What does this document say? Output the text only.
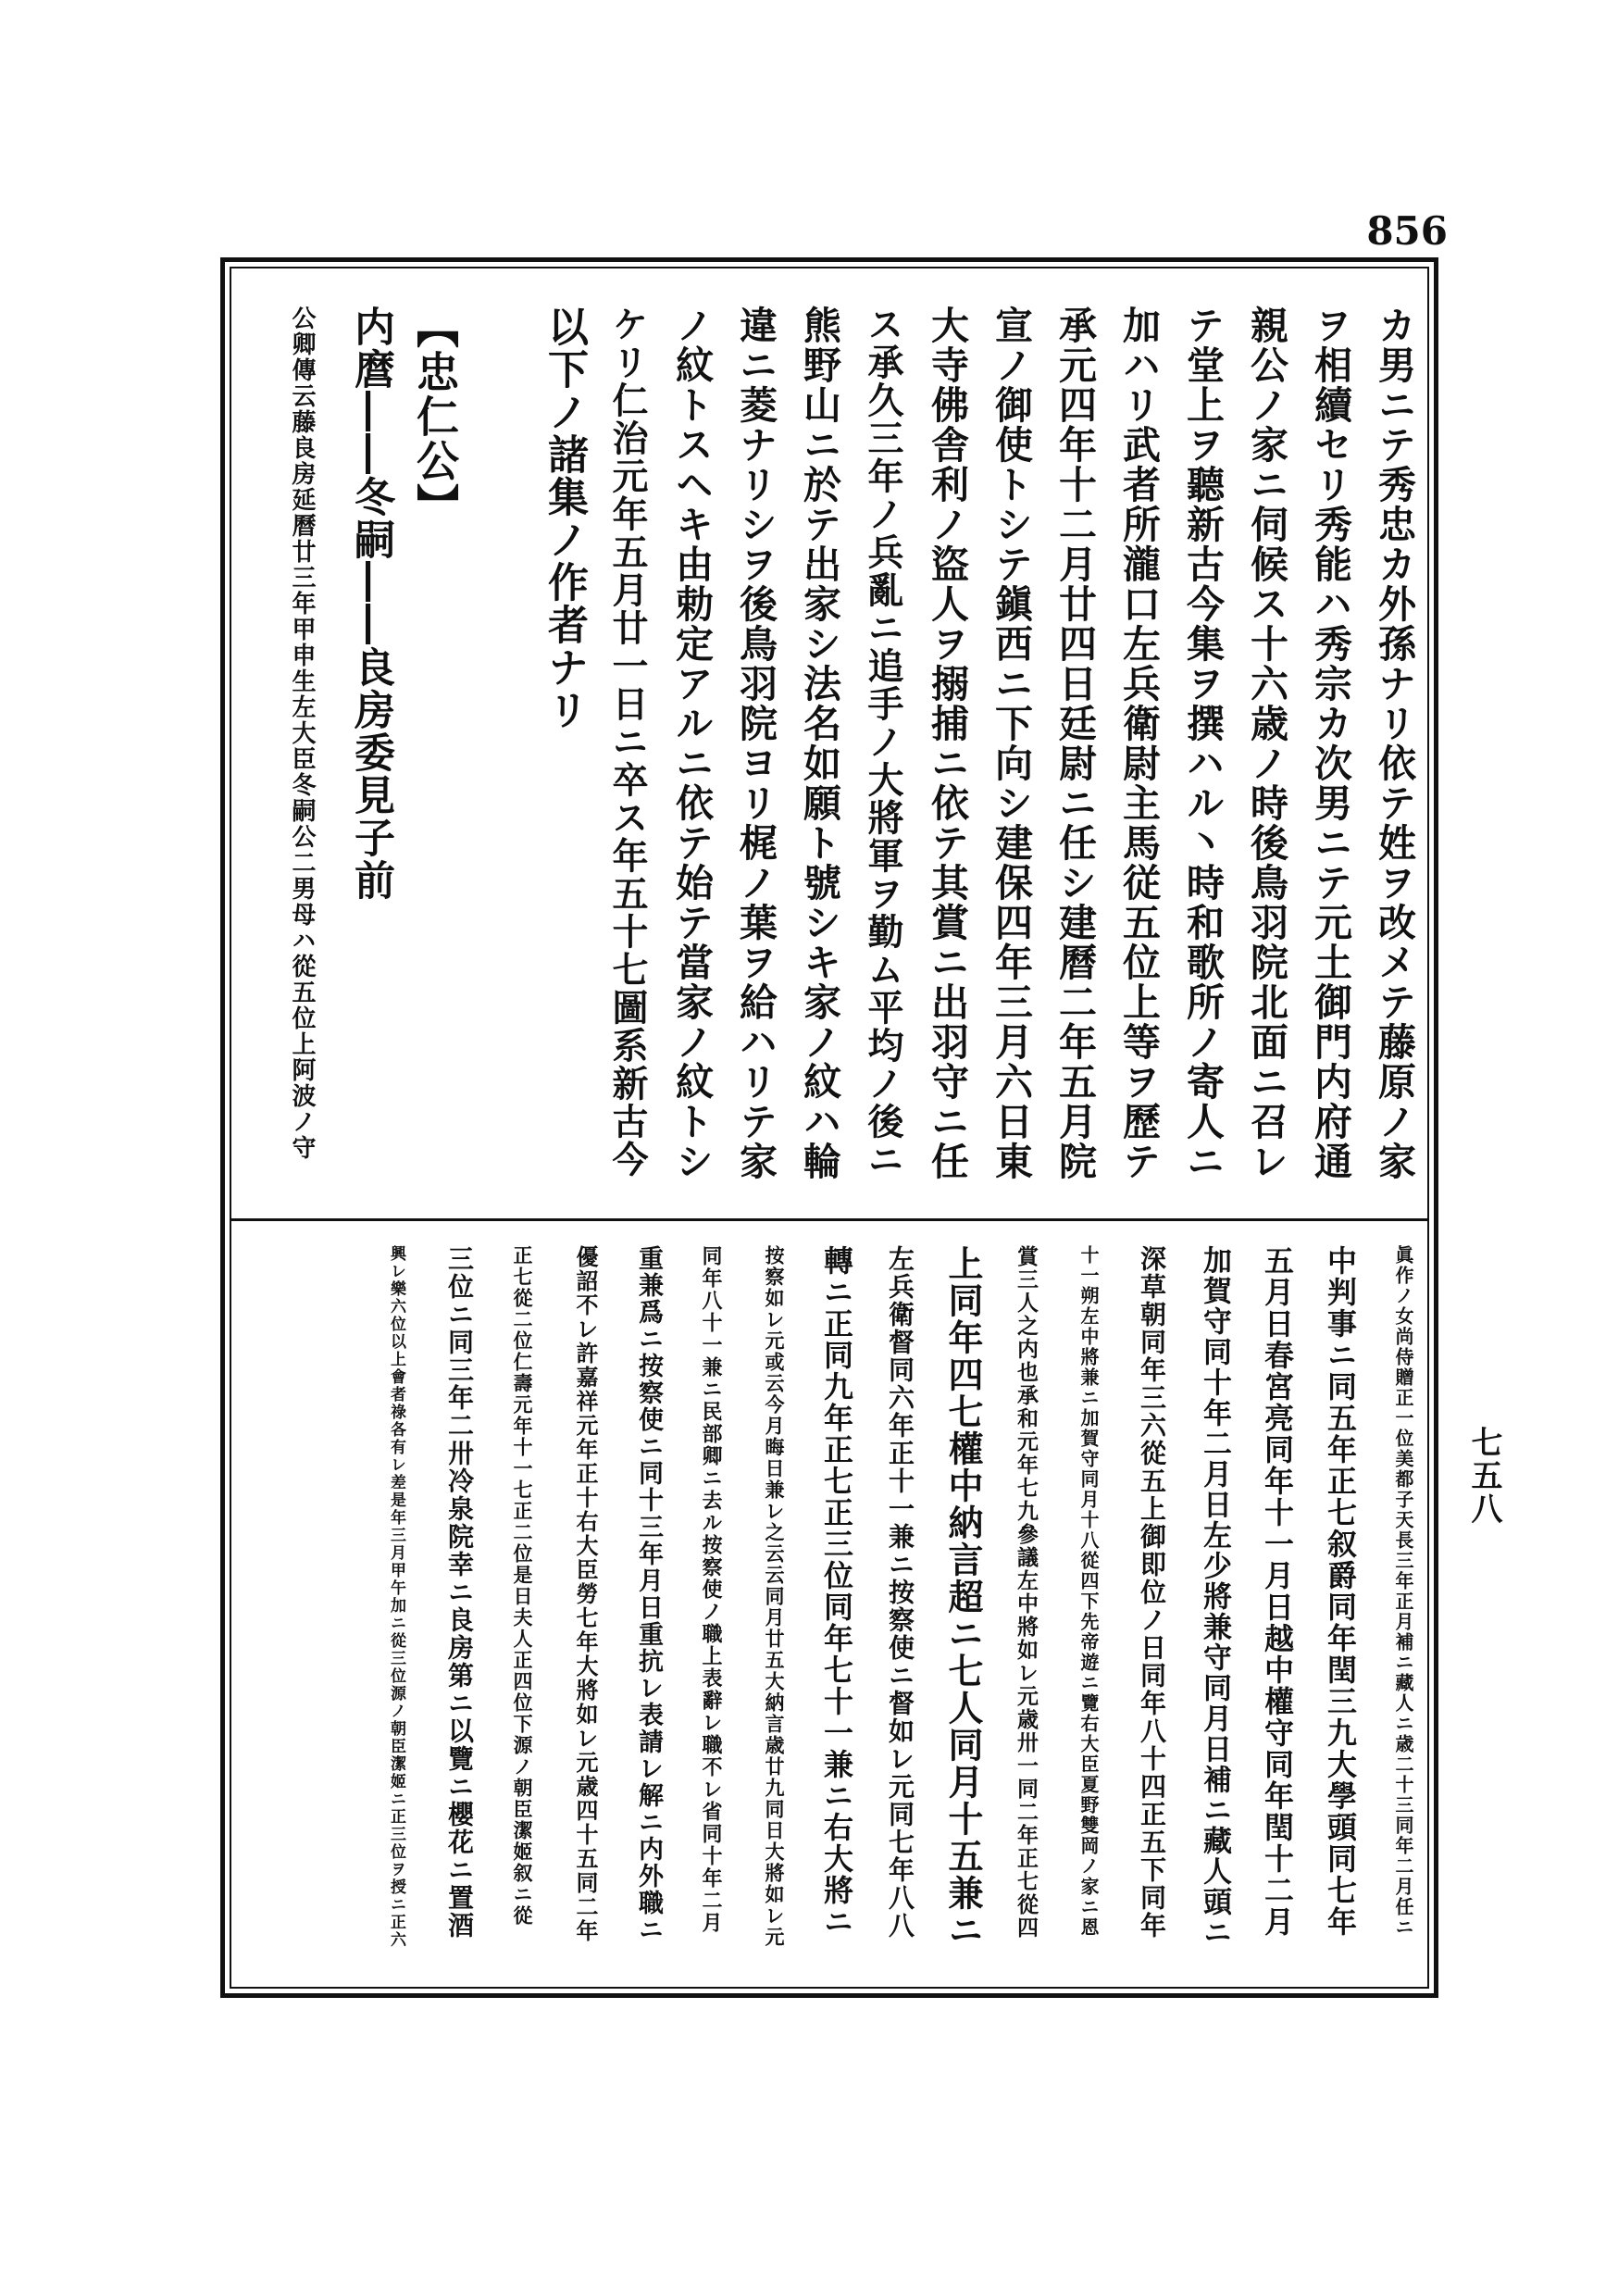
856
七五八
カ男ニテ秀忠カ外孫ナリ依テ姓ヲ改メテ藤原ノ家
ヲ相續セリ秀能ハ秀宗カ次男ニテ元土御門内府通
親公ノ家ニ伺候ス十六歳ノ時後鳥羽院北面ニ召レ
テ堂上ヲ聽新古今集ヲ撰ハル丶時和歌所ノ寄人ニ
加ハリ武者所瀧口左兵衛尉主馬従五位上等ヲ歷テ
承元四年十二月廿四日廷尉ニ任シ建曆二年五月院
宣ノ御使トシテ鎭西ニ下向シ建保四年三月六日東
大寺佛舎利ノ盜人ヲ搦捕ニ依テ其賞ニ出羽守ニ任
ス承久三年ノ兵亂ニ追手ノ大將軍ヲ勤ム平均ノ後ニ
熊野山ニ於テ出家シ法名如願ト號シキ家ノ紋ハ輪
違ニ菱ナリシヲ後鳥羽院ヨリ梶ノ葉ヲ給ハリテ家
ノ紋トスヘキ由勅定アルニ依テ始テ當家ノ紋トシ
ケリ仁治元年五月廿一日ニ卒ス年五十七圖系新古今
以下ノ諸集ノ作者ナリ
【忠仁公】
内麿――冬嗣――良房委見子前
公卿傳云藤良房延曆廿三年甲申生左大臣冬嗣公二男母ハ從五位上阿波ノ守
眞作ノ女尚侍贈正一位美都子天長三年正月補ニ藏人ニ歳二十三同年二月任ニ
中判事ニ同五年正七叙爵同年閏三九大學頭同七年
五月日春宮亮同年十一月日越中權守同年閏十二月
加賀守同十年二月日左少將兼守同月日補ニ藏人頭ニ
深草朝同年三六從五上御即位ノ日同年八十四正五下同年
十一朔左中將兼ニ加賀守同月十八從四下先帝遊ニ覽右大臣夏野雙岡ノ家ニ恩
賞三人之内也承和元年七九參議左中將如レ元歳卅一同二年正七從四
上同年四七權中納言超ニ七人同月十五兼ニ
左兵衛督同六年正十一兼ニ按察使ニ督如レ元同七年八八
轉ニ正同九年正七正三位同年七十一兼ニ右大將ニ
按察如レ元或云今月晦日兼レ之云云同月廿五大納言歳廿九同日大將如レ元
同年八十一兼ニ民部卿ニ去ル按察使ノ職上表辭レ職不レ省同十年二月
重兼爲ニ按察使ニ同十三年月日重抗レ表請レ解ニ内外職ニ
優詔不レ許嘉祥元年正十右大臣勞七年大將如レ元歳四十五同二年
正七從二位仁壽元年十一七正二位是日夫人正四位下源ノ朝臣潔姬叙ニ從
三位ニ同三年二卅冷泉院幸ニ良房第ニ以覽ニ櫻花ニ置酒
興レ樂六位以上會者祿各有レ差是年三月甲午加ニ從三位源ノ朝臣潔姬ニ正三位ヲ授ニ正六
